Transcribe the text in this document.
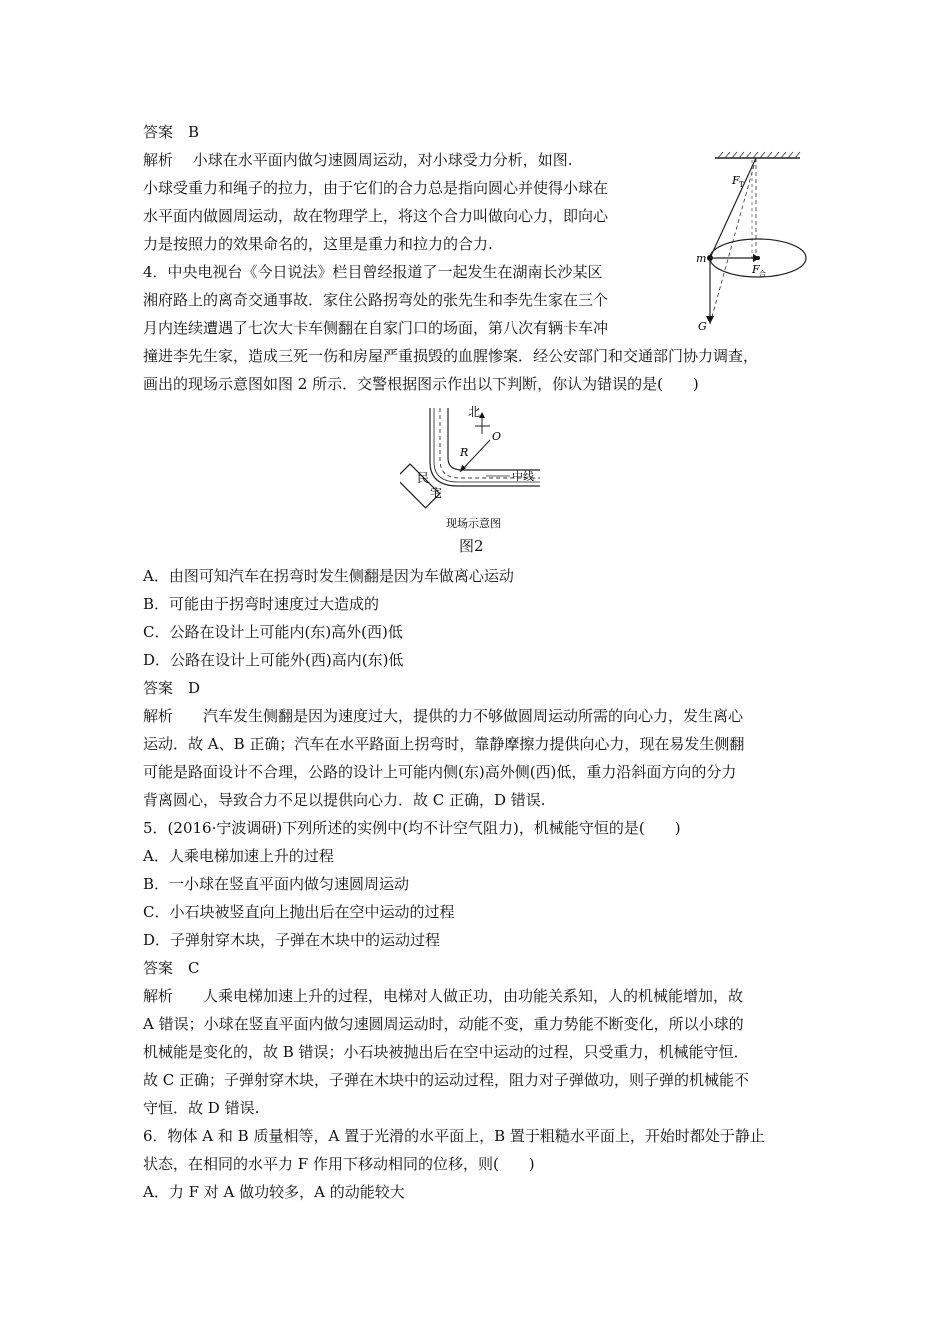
答案　B
解析　 小球在水平面内做匀速圆周运动，对小球受力分析，如图.
小球受重力和绳子的拉力，由于它们的合力总是指向圆心并使得小球在
水平面内做圆周运动，故在物理学上，将这个合力叫做向心力，即向心
力是按照力的效果命名的，这里是重力和拉力的合力.
F T
m
F 合
G
4．中央电视台《今日说法》栏目曾经报道了一起发生在湖南长沙某区
湘府路上的离奇交通事故．家住公路拐弯处的张先生和李先生家在三个
月内连续遭遇了七次大卡车侧翻在自家门口的场面，第八次有辆卡车冲
撞进李先生家，造成三死一伤和房屋严重损毁的血腥惨案．经公安部门和交通部门协力调查，
画出的现场示意图如图 2 所示．交警根据图示作出以下判断，你认为错误的是(　　)
北
O
R
中线
民
宅
现场示意图
图2
A．由图可知汽车在拐弯时发生侧翻是因为车做离心运动
B．可能由于拐弯时速度过大造成的
C．公路在设计上可能内(东)高外(西)低
D．公路在设计上可能外(西)高内(东)低
答案　D
解析　　汽车发生侧翻是因为速度过大，提供的力不够做圆周运动所需的向心力，发生离心
运动．故 A、B 正确；汽车在水平路面上拐弯时，靠静摩擦力提供向心力，现在易发生侧翻
可能是路面设计不合理，公路的设计上可能内侧(东)高外侧(西)低，重力沿斜面方向的分力
背离圆心，导致合力不足以提供向心力．故 C 正确，D 错误.
5．(2016·宁波调研)下列所述的实例中(均不计空气阻力)，机械能守恒的是(　　)
A．人乘电梯加速上升的过程
B．一小球在竖直平面内做匀速圆周运动
C．小石块被竖直向上抛出后在空中运动的过程
D．子弹射穿木块，子弹在木块中的运动过程
答案　C
解析　　人乘电梯加速上升的过程，电梯对人做正功，由功能关系知，人的机械能增加，故
A 错误；小球在竖直平面内做匀速圆周运动时，动能不变，重力势能不断变化，所以小球的
机械能是变化的，故 B 错误；小石块被抛出后在空中运动的过程，只受重力，机械能守恒．
故 C 正确；子弹射穿木块，子弹在木块中的运动过程，阻力对子弹做功，则子弹的机械能不
守恒．故 D 错误.
6．物体 A 和 B 质量相等，A 置于光滑的水平面上，B 置于粗糙水平面上，开始时都处于静止
状态，在相同的水平力 F 作用下移动相同的位移，则(　　)
A．力 F 对 A 做功较多，A 的动能较大
